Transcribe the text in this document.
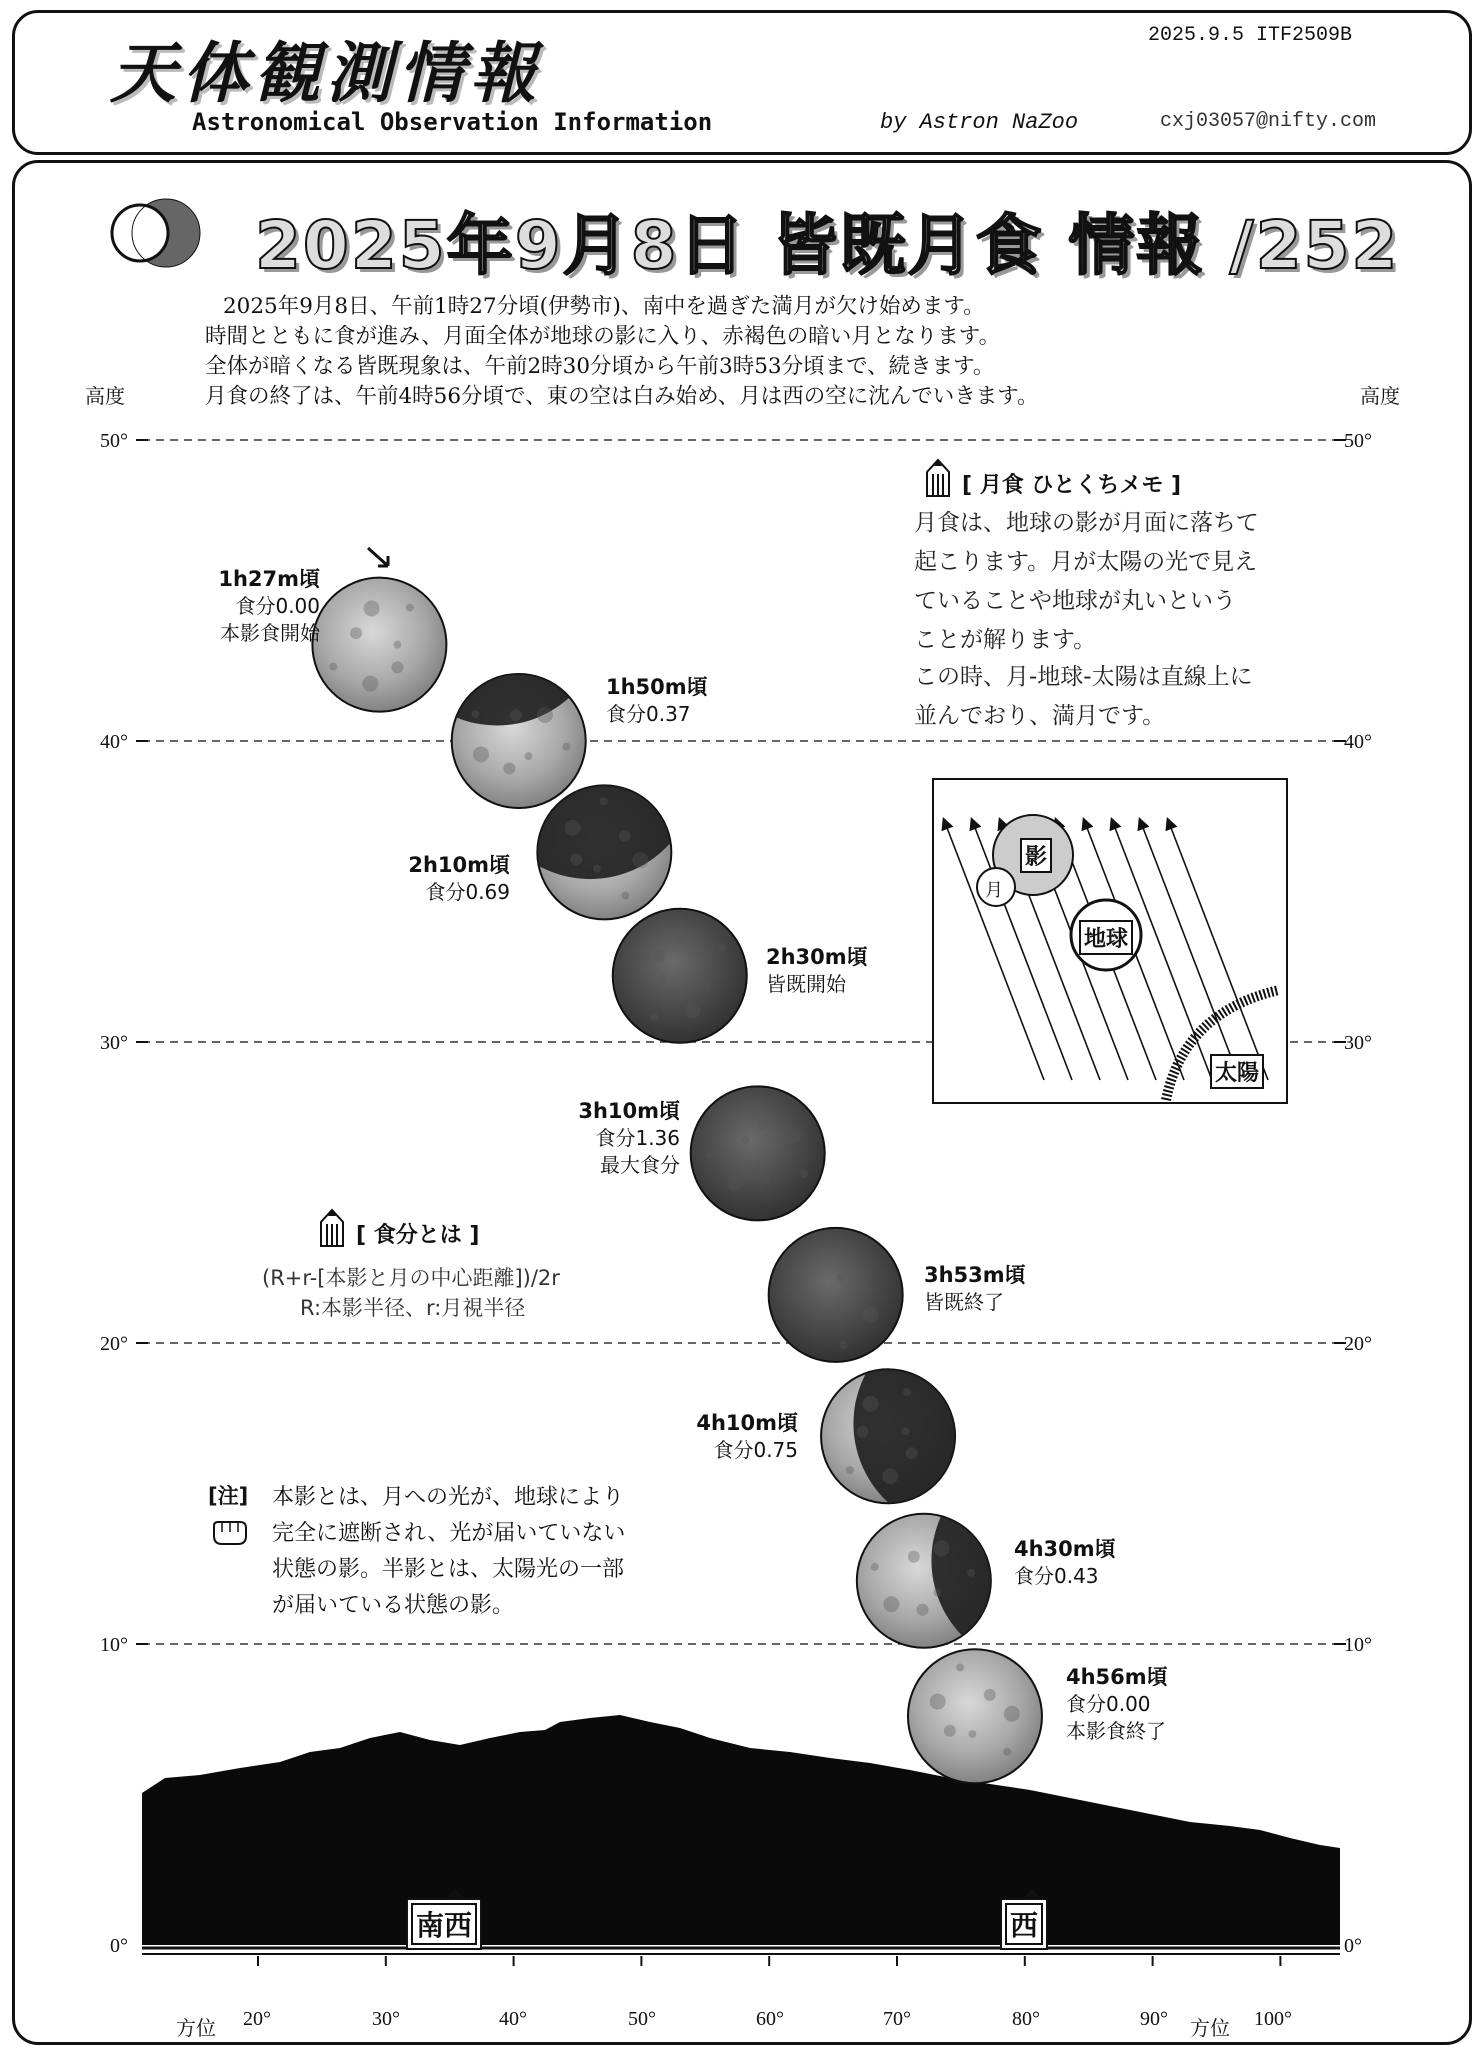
天体観測情報
Astronomical Observation Information
2025.9.5 ITF2509B
by Astron NaZoo	cxj03057@nifty.com
2025年9月8日 皆既月食 情報 /252
2025年9月8日、午前1時27分頃(伊勢市)、南中を過ぎた満月が欠け始めます。
時間とともに食が進み、月面全体が地球の影に入り、赤褐色の暗い月となります。
全体が暗くなる皆既現象は、午前2時30分頃から午前3時53分頃まで、続きます。
月食の終了は、午前4時56分頃で、東の空は白み始め、月は西の空に沈んでいきます。
高度	高度
50°
40°
30°
20°
10°
0°
50°
40°
30°
20°
10°
0°
方位	方位
20°	30°	40°	50°	60°	70°	80°	90°	100°
南西	西
1h27m頃
食分0.00
本影食開始
1h50m頃
食分0.37
2h10m頃
食分0.69
2h30m頃
皆既開始
3h10m頃
食分1.36
最大食分
3h53m頃
皆既終了
4h10m頃
食分0.75
4h30m頃
食分0.43
4h56m頃
食分0.00
本影食終了
[ 月食 ひとくちメモ ]
月食は、地球の影が月面に落ちて
起こります。月が太陽の光で見え
ていることや地球が丸いという
ことが解ります。
この時、月-地球-太陽は直線上に
並んでおり、満月です。
影
月
地球
太陽
[ 食分とは ]
(R+r-[本影と月の中心距離])/2r
R:本影半径、r:月視半径
[注] 本影とは、月への光が、地球により
完全に遮断され、光が届いていない
状態の影。半影とは、太陽光の一部
が届いている状態の影。
